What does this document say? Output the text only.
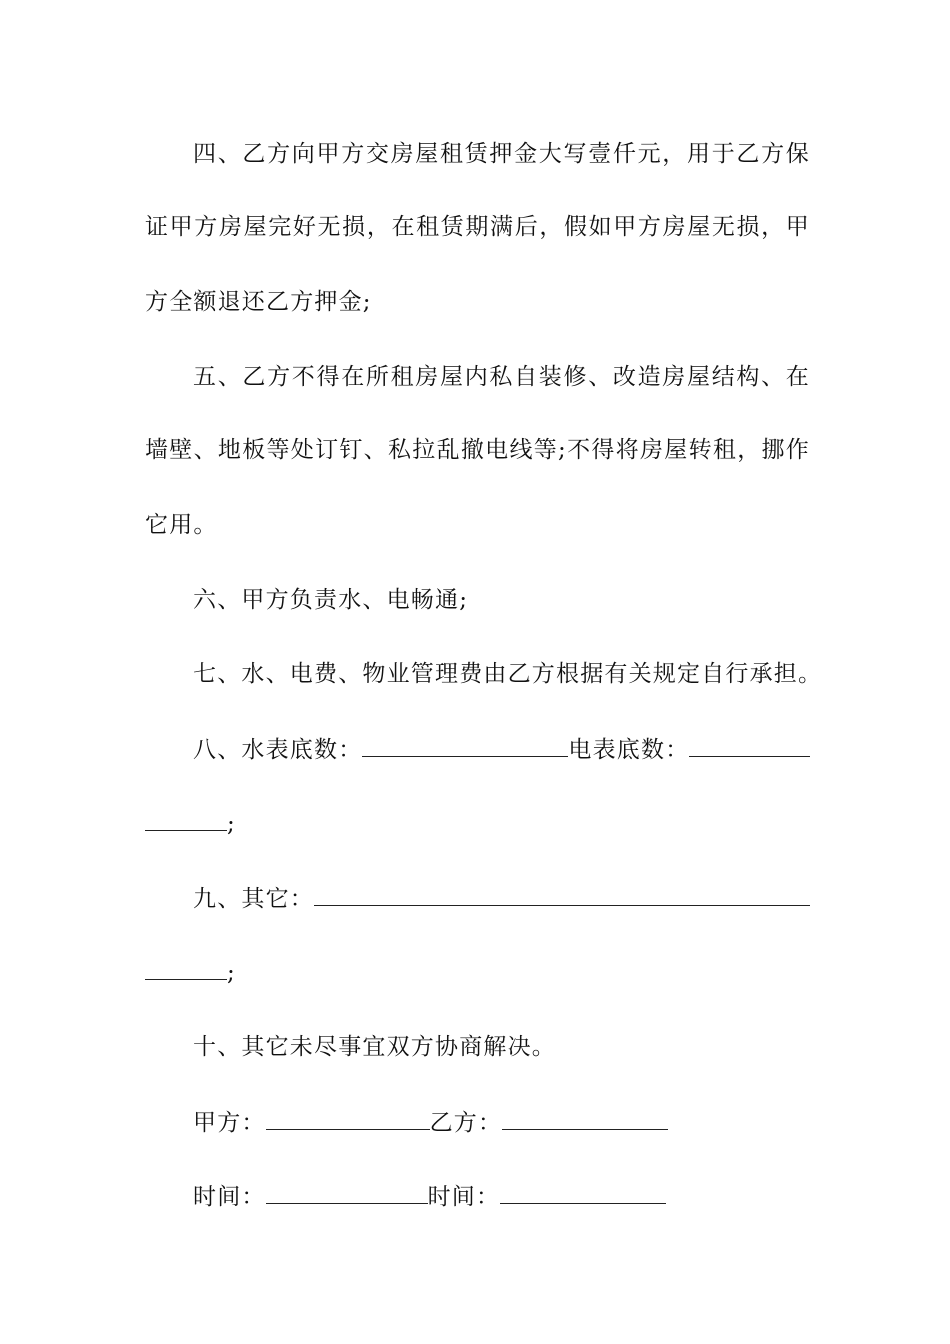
四、乙方向甲方交房屋租赁押金大写壹仟元，用于乙方保
证甲方房屋完好无损，在租赁期满后，假如甲方房屋无损，甲
方全额退还乙方押金;
五、乙方不得在所租房屋内私自装修、改造房屋结构、在
墙壁、地板等处订钉、私拉乱撤电线等;不得将房屋转租，挪作
它用。
六、甲方负责水、电畅通;
七、水、电费、物业管理费由乙方根据有关规定自行承担。
八、水表底数：	电表底数：
;
九、其它：
;
十、其它未尽事宜双方协商解决。
甲方：	乙方：
时间：	时间：
